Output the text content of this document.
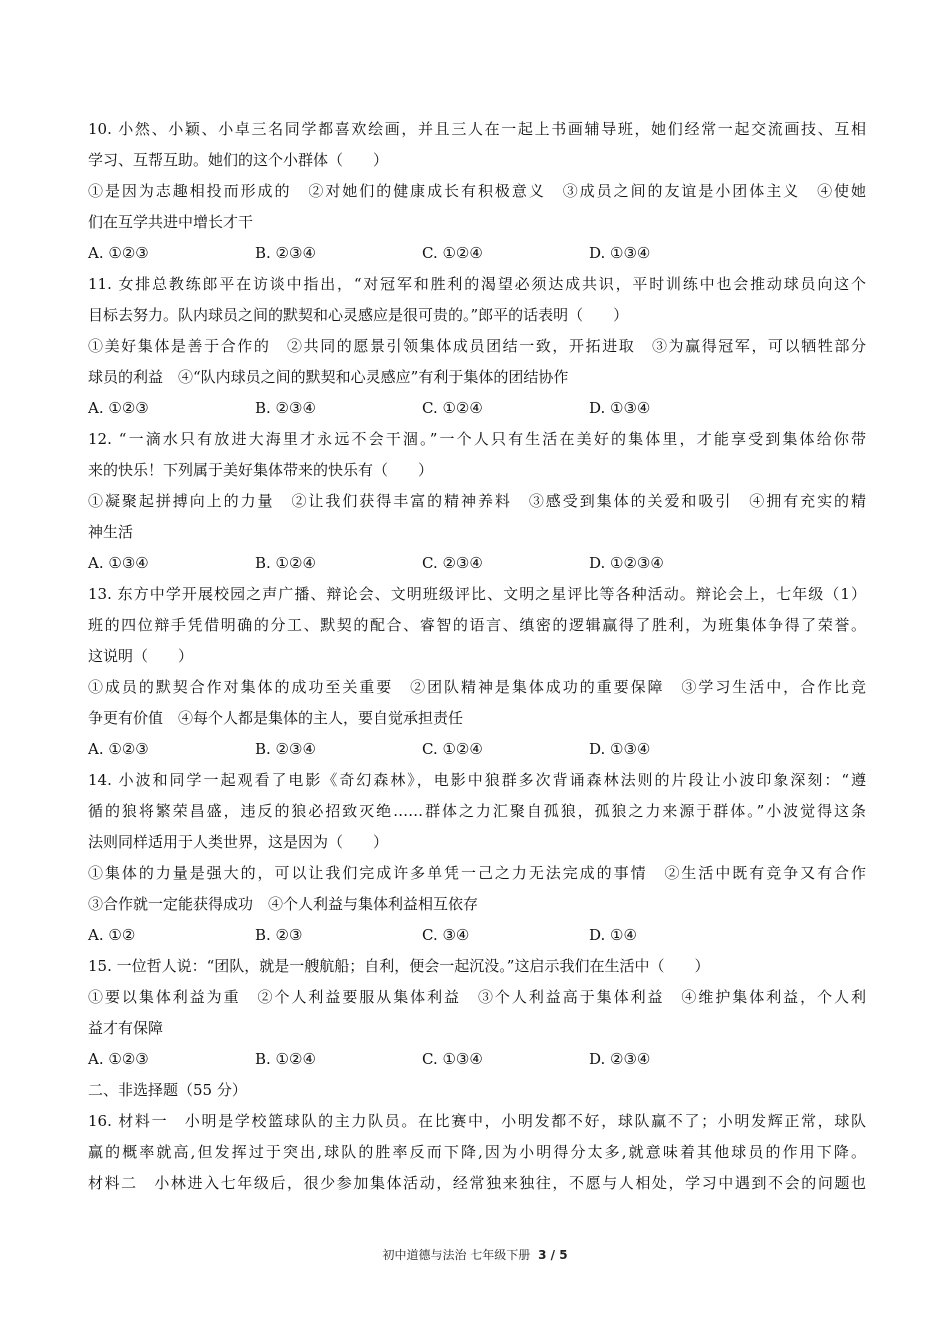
10. 小然、小颖、小卓三名同学都喜欢绘画，并且三人在一起上书画辅导班，她们经常一起交流画技、互相
学习、互帮互助。她们的这个小群体（　　）
①是因为志趣相投而形成的　②对她们的健康成长有积极意义　③成员之间的友谊是小团体主义　④使她
们在互学共进中增长才干
A. ①②③	B. ②③④	C. ①②④	D. ①③④
11. 女排总教练郎平在访谈中指出，“对冠军和胜利的渴望必须达成共识，平时训练中也会推动球员向这个
目标去努力。队内球员之间的默契和心灵感应是很可贵的。”郎平的话表明（　　）
①美好集体是善于合作的　②共同的愿景引领集体成员团结一致，开拓进取　③为赢得冠军，可以牺牲部分
球员的利益　④“队内球员之间的默契和心灵感应”有利于集体的团结协作
A. ①②③	B. ②③④	C. ①②④	D. ①③④
12. “一滴水只有放进大海里才永远不会干涸。”一个人只有生活在美好的集体里，才能享受到集体给你带
来的快乐！下列属于美好集体带来的快乐有（　　）
①凝聚起拼搏向上的力量　②让我们获得丰富的精神养料　③感受到集体的关爱和吸引　④拥有充实的精
神生活
A. ①③④	B. ①②④	C. ②③④	D. ①②③④
13. 东方中学开展校园之声广播、辩论会、文明班级评比、文明之星评比等各种活动。辩论会上，七年级（1）
班的四位辩手凭借明确的分工、默契的配合、睿智的语言、缜密的逻辑赢得了胜利，为班集体争得了荣誉。
这说明（　　）
①成员的默契合作对集体的成功至关重要　②团队精神是集体成功的重要保障　③学习生活中，合作比竞
争更有价值　④每个人都是集体的主人，要自觉承担责任
A. ①②③	B. ②③④	C. ①②④	D. ①③④
14. 小波和同学一起观看了电影《奇幻森林》，电影中狼群多次背诵森林法则的片段让小波印象深刻：“遵
循的狼将繁荣昌盛，违反的狼必招致灭绝……群体之力汇聚自孤狼，孤狼之力来源于群体。”小波觉得这条
法则同样适用于人类世界，这是因为（　　）
①集体的力量是强大的，可以让我们完成许多单凭一己之力无法完成的事情　②生活中既有竞争又有合作
③合作就一定能获得成功　④个人利益与集体利益相互依存
A. ①②	B. ②③	C. ③④	D. ①④
15. 一位哲人说：“团队，就是一艘航船；自利，便会一起沉没。”这启示我们在生活中（　　）
①要以集体利益为重　②个人利益要服从集体利益　③个人利益高于集体利益　④维护集体利益，个人利
益才有保障
A. ①②③	B. ①②④	C. ①③④	D. ②③④
二、非选择题（55 分）
16. 材料一　小明是学校篮球队的主力队员。在比赛中，小明发都不好，球队赢不了；小明发辉正常，球队
赢的概率就高,但发挥过于突出,球队的胜率反而下降,因为小明得分太多,就意味着其他球员的作用下降。
材料二　小林进入七年级后，很少参加集体活动，经常独来独往，不愿与人相处，学习中遇到不会的问题也
初中道德与法治 七年级下册 3 / 5
